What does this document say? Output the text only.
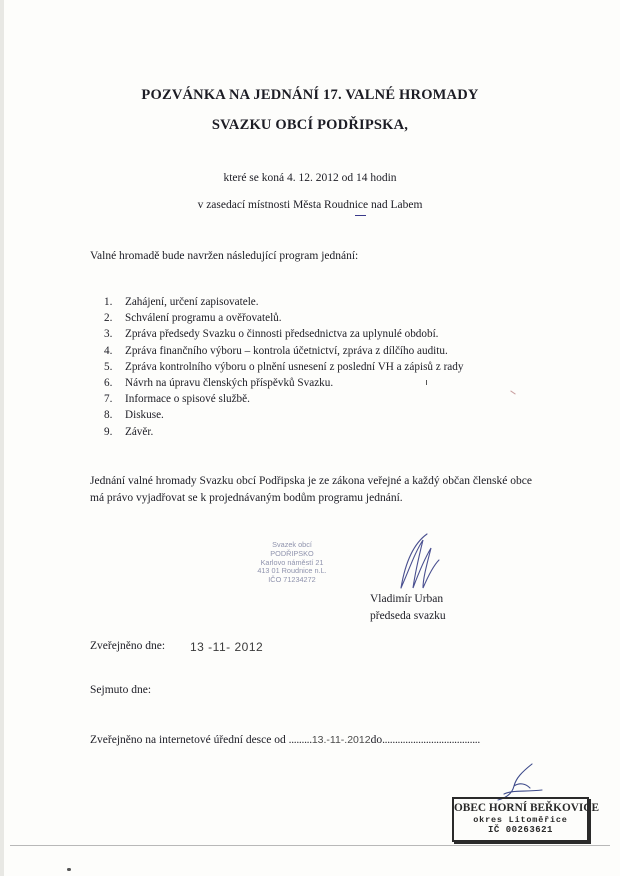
POZVÁNKA NA JEDNÁNÍ 17. VALNÉ HROMADY
SVAZKU OBCÍ PODŘIPSKA,
které se koná 4. 12. 2012 od 14 hodin
v zasedací místnosti Města Roudnice nad Labem
Valné hromadě bude navržen následující program jednání:
1. Zahájení, určení zapisovatele.
2. Schválení programu a ověřovatelů.
3. Zpráva předsedy Svazku o činnosti předsednictva za uplynulé období.
4. Zpráva finančního výboru – kontrola účetnictví, zpráva z dílčího auditu.
5. Zpráva kontrolního výboru o plnění usnesení z poslední VH a zápisů z rady
6. Návrh na úpravu členských příspěvků Svazku.
7. Informace o spisové službě.
8. Diskuse.
9. Závěr.
Jednání valné hromady Svazku obcí Podřipska je ze zákona veřejné a každý občan členské obce má právo vyjadřovat se k projednávaným bodům programu jednání.
Svazek obcí
PODŘIPSKO
Karlovo náměstí 21
413 01 Roudnice n.L.
IČO 71234272
Vladimír Urban
předseda svazku
Zveřejněno dne: 13 -11- 2012
Sejmuto dne:
Zveřejněno na internetové úřední desce od .........13.-11-.2012do......................................
OBEC HORNÍ BEŘKOVICE
okres Litoměřice
IČ 00263621
